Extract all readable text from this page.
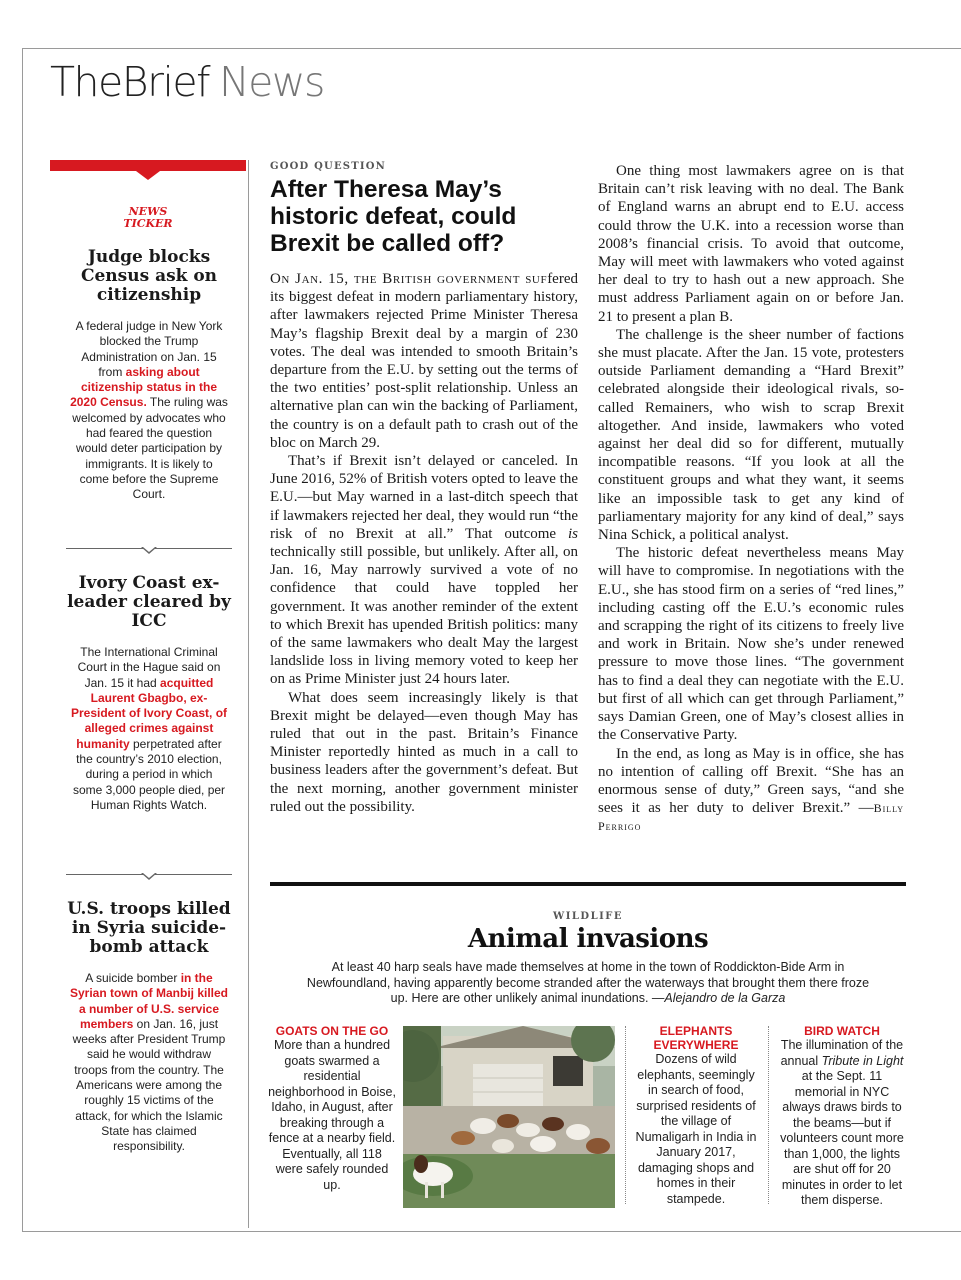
TheBrief News
NEWS TICKER
Judge blocks Census ask on citizenship

A federal judge in New York blocked the Trump Administration on Jan. 15 from asking about citizenship status in the 2020 Census. The ruling was welcomed by advocates who had feared the question would deter participation by immigrants. It is likely to come before the Supreme Court.

Ivory Coast ex-leader cleared by ICC

The International Criminal Court in the Hague said on Jan. 15 it had acquitted Laurent Gbagbo, ex-President of Ivory Coast, of alleged crimes against humanity perpetrated after the country’s 2010 election, during a period in which some 3,000 people died, per Human Rights Watch.

U.S. troops killed in Syria suicide-bomb attack

A suicide bomber in the Syrian town of Manbij killed a number of U.S. service members on Jan. 16, just weeks after President Trump said he would withdraw troops from the country. The Americans were among the roughly 15 victims of the attack, for which the Islamic State has claimed responsibility.

GOOD QUESTION
After Theresa May’s historic defeat, could Brexit be called off?

On Jan. 15, the British government suffered its biggest defeat in modern parliamentary history, after lawmakers rejected Prime Minister Theresa May’s flagship Brexit deal by a margin of 230 votes. The deal was intended to smooth Britain’s departure from the E.U. by setting out the terms of the two entities’ post-split relationship. Unless an alternative plan can win the backing of Parliament, the country is on a default path to crash out of the bloc on March 29.

That’s if Brexit isn’t delayed or canceled. In June 2016, 52% of British voters opted to leave the E.U.—but May warned in a last-ditch speech that if lawmakers rejected her deal, they would run “the risk of no Brexit at all.” That outcome is technically still possible, but unlikely. After all, on Jan. 16, May narrowly survived a vote of no confidence that could have toppled her government. It was another reminder of the extent to which Brexit has upended British politics: many of the same lawmakers who dealt May the largest landslide loss in living memory voted to keep her on as Prime Minister just 24 hours later.

What does seem increasingly likely is that Brexit might be delayed—even though May has ruled that out in the past. Britain’s Finance Minister reportedly hinted as much in a call to business leaders after the government’s defeat. But the next morning, another government minister ruled out the possibility.

One thing most lawmakers agree on is that Britain can’t risk leaving with no deal. The Bank of England warns an abrupt end to E.U. access could throw the U.K. into a recession worse than 2008’s financial crisis. To avoid that outcome, May will meet with lawmakers who voted against her deal to try to hash out a new approach. She must address Parliament again on or before Jan. 21 to present a plan B.

The challenge is the sheer number of factions she must placate. After the Jan. 15 vote, protesters outside Parliament demanding a “Hard Brexit” celebrated alongside their ideological rivals, so-called Remainers, who wish to scrap Brexit altogether. And inside, lawmakers who voted against her deal did so for different, mutually incompatible reasons. “If you look at all the constituent groups and what they want, it seems like an impossible task to get any kind of parliamentary majority for any kind of deal,” says Nina Schick, a political analyst.

The historic defeat nevertheless means May will have to compromise. In negotiations with the E.U., she has stood firm on a series of “red lines,” including casting off the E.U.’s economic rules and scrapping the right of its citizens to freely live and work in Britain. Now she’s under renewed pressure to move those lines. “The government has to find a deal they can negotiate with the E.U. but first of all which can get through Parliament,” says Damian Green, one of May’s closest allies in the Conservative Party.

In the end, as long as May is in office, she has no intention of calling off Brexit. “She has an enormous sense of duty,” Green says, “and she sees it as her duty to deliver Brexit.” —Billy Perrigo

WILDLIFE
Animal invasions
At least 40 harp seals have made themselves at home in the town of Roddickton-Bide Arm in Newfoundland, having apparently become stranded after the waterways that brought them there froze up. Here are other unlikely animal inundations. —Alejandro de la Garza
GOATS ON THE GO
More than a hundred goats swarmed a residential neighborhood in Boise, Idaho, in August, after breaking through a fence at a nearby field. Eventually, all 118 were safely rounded up.
ELEPHANTS EVERYWHERE
Dozens of wild elephants, seemingly in search of food, surprised residents of the village of Numaligarh in India in January 2017, damaging shops and homes in their stampede.
BIRD WATCH
The illumination of the annual Tribute in Light at the Sept. 11 memorial in NYC always draws birds to the beams—but if volunteers count more than 1,000, the lights are shut off for 20 minutes in order to let them disperse.
